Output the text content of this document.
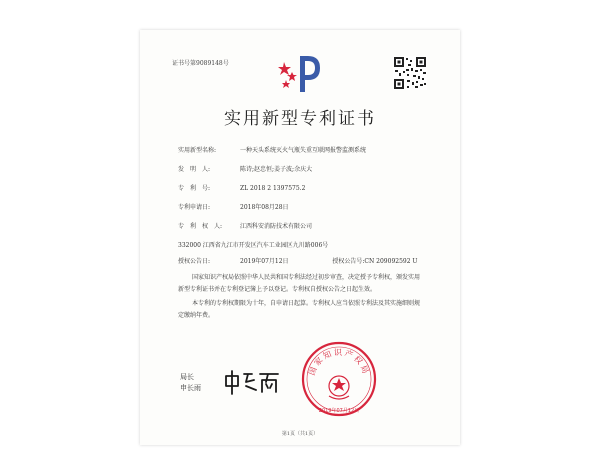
证书号第9089148号
实用新型专利证书
实用新型名称:	一种天头系统灭火气瓶失重互联网报警监测系统
发　明　人:	陈诗;赵忠恒;姜子波;余庆大
专　利　号:	ZL 2018 2 1397575.2
专利申请日:	2018年08月28日
专　利　权　人:	江西科安消防技术有限公司
332000 江西省九江市开发区汽车工业园区九川路006号
授权公告日:	2019年07月12日	授权公告号:CN 209092592 U
国家知识产权局依照中华人民共和国专利法经过初步审查，决定授予专利权，颁发实用新型专利证书并在专利登记簿上予以登记。专利权自授权公告之日起生效。
本专利的专利权期限为十年，自申请日起算。专利权人应当依照专利法及其实施细则规定缴纳年费。
国家知识产权局
2019年07月12日
局长
申长雨
第1页（共1页）
